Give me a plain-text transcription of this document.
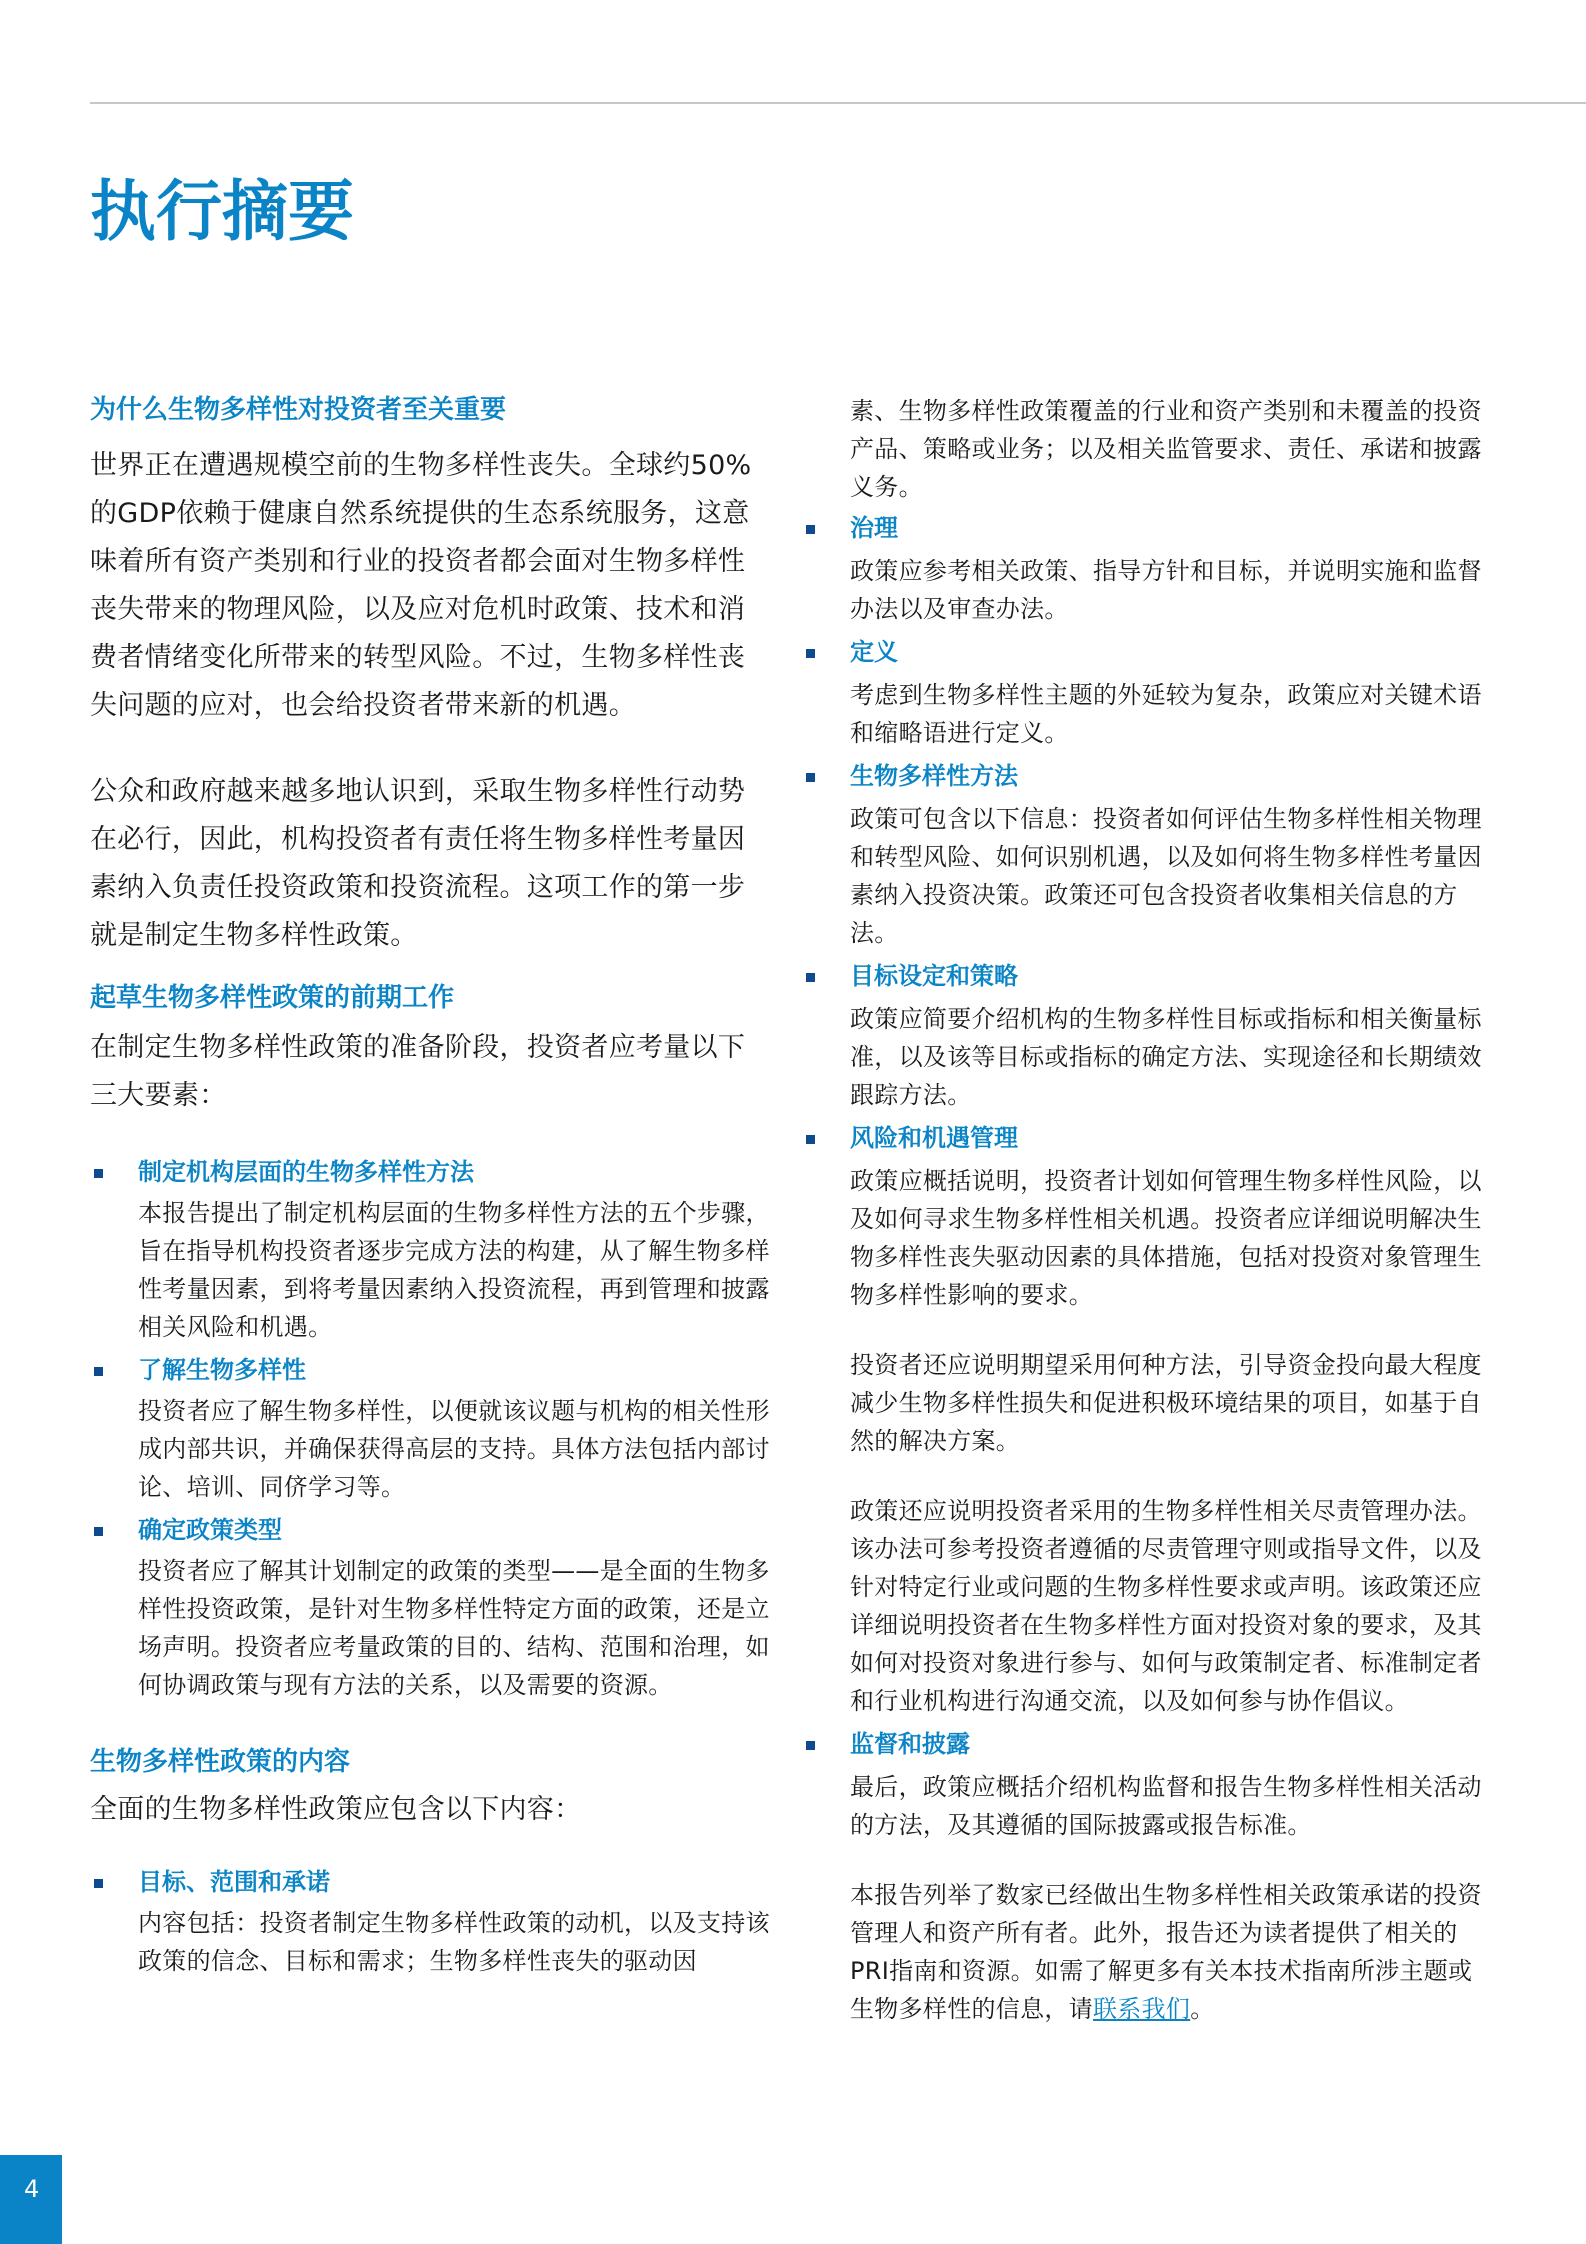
执行摘要
为什么生物多样性对投资者至关重要

世界正在遭遇规模空前的生物多样性丧失。全球约50%的GDP依赖于健康自然系统提供的生态系统服务，这意味着所有资产类别和行业的投资者都会面对生物多样性丧失带来的物理风险，以及应对危机时政策、技术和消费者情绪变化所带来的转型风险。不过，生物多样性丧失问题的应对，也会给投资者带来新的机遇。

公众和政府越来越多地认识到，采取生物多样性行动势在必行，因此，机构投资者有责任将生物多样性考量因素纳入负责任投资政策和投资流程。这项工作的第一步就是制定生物多样性政策。

起草生物多样性政策的前期工作

在制定生物多样性政策的准备阶段，投资者应考量以下三大要素：

制定机构层面的生物多样性方法

本报告提出了制定机构层面的生物多样性方法的五个步骤，旨在指导机构投资者逐步完成方法的构建，从了解生物多样性考量因素，到将考量因素纳入投资流程，再到管理和披露相关风险和机遇。

了解生物多样性

投资者应了解生物多样性，以便就该议题与机构的相关性形成内部共识，并确保获得高层的支持。具体方法包括内部讨论、培训、同侪学习等。

确定政策类型

投资者应了解其计划制定的政策的类型——是全面的生物多样性投资政策，是针对生物多样性特定方面的政策，还是立场声明。投资者应考量政策的目的、结构、范围和治理，如何协调政策与现有方法的关系，以及需要的资源。

生物多样性政策的内容

全面的生物多样性政策应包含以下内容：

目标、范围和承诺

内容包括：投资者制定生物多样性政策的动机，以及支持该政策的信念、目标和需求；生物多样性丧失的驱动因

素、生物多样性政策覆盖的行业和资产类别和未覆盖的投资产品、策略或业务；以及相关监管要求、责任、承诺和披露义务。

治理

政策应参考相关政策、指导方针和目标，并说明实施和监督办法以及审查办法。

定义

考虑到生物多样性主题的外延较为复杂，政策应对关键术语和缩略语进行定义。

生物多样性方法

政策可包含以下信息：投资者如何评估生物多样性相关物理和转型风险、如何识别机遇，以及如何将生物多样性考量因素纳入投资决策。政策还可包含投资者收集相关信息的方法。

目标设定和策略

政策应简要介绍机构的生物多样性目标或指标和相关衡量标准，以及该等目标或指标的确定方法、实现途径和长期绩效跟踪方法。

风险和机遇管理

政策应概括说明，投资者计划如何管理生物多样性风险，以及如何寻求生物多样性相关机遇。投资者应详细说明解决生物多样性丧失驱动因素的具体措施，包括对投资对象管理生物多样性影响的要求。

投资者还应说明期望采用何种方法，引导资金投向最大程度减少生物多样性损失和促进积极环境结果的项目，如基于自然的解决方案。

政策还应说明投资者采用的生物多样性相关尽责管理办法。该办法可参考投资者遵循的尽责管理守则或指导文件，以及针对特定行业或问题的生物多样性要求或声明。该政策还应详细说明投资者在生物多样性方面对投资对象的要求，及其如何对投资对象进行参与、如何与政策制定者、标准制定者和行业机构进行沟通交流，以及如何参与协作倡议。

监督和披露

最后，政策应概括介绍机构监督和报告生物多样性相关活动的方法，及其遵循的国际披露或报告标准。

本报告列举了数家已经做出生物多样性相关政策承诺的投资管理人和资产所有者。此外，报告还为读者提供了相关的PRI指南和资源。如需了解更多有关本技术指南所涉主题或生物多样性的信息，请联系我们。

4
